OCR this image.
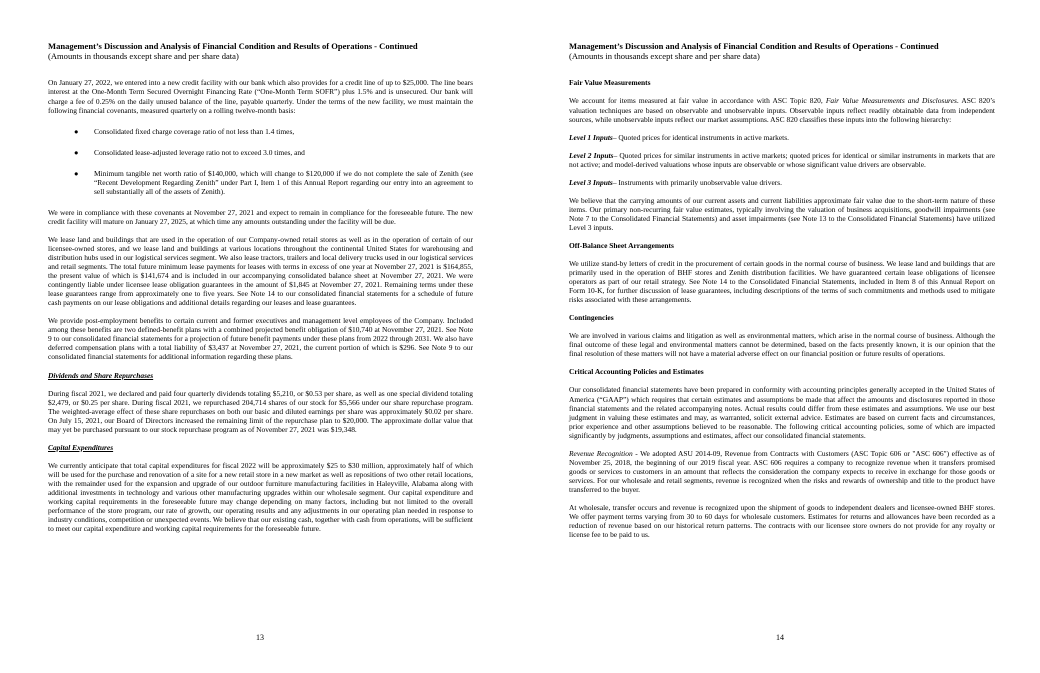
Management’s Discussion and Analysis of Financial Condition and Results of Operations - Continued

(Amounts in thousands except share and per share data)

On January 27, 2022, we entered into a new credit facility with our bank which also provides for a credit line of up to $25,000. The line bears interest at the One-Month Term Secured Overnight Financing Rate (“One-Month Term SOFR”) plus 1.5% and is unsecured. Our bank will charge a fee of 0.25% on the daily unused balance of the line, payable quarterly. Under the terms of the new facility, we must maintain the following financial covenants, measured quarterly on a rolling twelve-month basis:

● Consolidated fixed charge coverage ratio of not less than 1.4 times,
● Consolidated lease-adjusted leverage ratio not to exceed 3.0 times, and
● Minimum tangible net worth ratio of $140,000, which will change to $120,000 if we do not complete the sale of Zenith (see “Recent Development Regarding Zenith” under Part I, Item 1 of this Annual Report regarding our entry into an agreement to sell substantially all of the assets of Zenith).

We were in compliance with these covenants at November 27, 2021 and expect to remain in compliance for the foreseeable future. The new credit facility will mature on January 27, 2025, at which time any amounts outstanding under the facility will be due.

We lease land and buildings that are used in the operation of our Company-owned retail stores as well as in the operation of certain of our licensee-owned stores, and we lease land and buildings at various locations throughout the continental United States for warehousing and distribution hubs used in our logistical services segment. We also lease tractors, trailers and local delivery trucks used in our logistical services and retail segments. The total future minimum lease payments for leases with terms in excess of one year at November 27, 2021 is $164,855, the present value of which is $141,674 and is included in our accompanying consolidated balance sheet at November 27, 2021. We were contingently liable under licensee lease obligation guarantees in the amount of $1,845 at November 27, 2021. Remaining terms under these lease guarantees range from approximately one to five years. See Note 14 to our consolidated financial statements for a schedule of future cash payments on our lease obligations and additional details regarding our leases and lease guarantees.

We provide post-employment benefits to certain current and former executives and management level employees of the Company. Included among these benefits are two defined-benefit plans with a combined projected benefit obligation of $10,740 at November 27, 2021. See Note 9 to our consolidated financial statements for a projection of future benefit payments under these plans from 2022 through 2031. We also have deferred compensation plans with a total liability of $3,437 at November 27, 2021, the current portion of which is $296. See Note 9 to our consolidated financial statements for additional information regarding these plans.

Dividends and Share Repurchases

During fiscal 2021, we declared and paid four quarterly dividends totaling $5,210, or $0.53 per share, as well as one special dividend totaling $2,479, or $0.25 per share. During fiscal 2021, we repurchased 204,714 shares of our stock for $5,566 under our share repurchase program. The weighted-average effect of these share repurchases on both our basic and diluted earnings per share was approximately $0.02 per share. On July 15, 2021, our Board of Directors increased the remaining limit of the repurchase plan to $20,000. The approximate dollar value that may yet be purchased pursuant to our stock repurchase program as of November 27, 2021 was $19,348.

Capital Expenditures

We currently anticipate that total capital expenditures for fiscal 2022 will be approximately $25 to $30 million, approximately half of which will be used for the purchase and renovation of a site for a new retail store in a new market as well as repositions of two other retail locations, with the remainder used for the expansion and upgrade of our outdoor furniture manufacturing facilities in Haleyville, Alabama along with additional investments in technology and various other manufacturing upgrades within our wholesale segment. Our capital expenditure and working capital requirements in the foreseeable future may change depending on many factors, including but not limited to the overall performance of the store program, our rate of growth, our operating results and any adjustments in our operating plan needed in response to industry conditions, competition or unexpected events. We believe that our existing cash, together with cash from operations, will be sufficient to meet our capital expenditure and working capital requirements for the foreseeable future.

13

Management’s Discussion and Analysis of Financial Condition and Results of Operations - Continued

(Amounts in thousands except share and per share data)

Fair Value Measurements

We account for items measured at fair value in accordance with ASC Topic 820, Fair Value Measurements and Disclosures. ASC 820’s valuation techniques are based on observable and unobservable inputs. Observable inputs reflect readily obtainable data from independent sources, while unobservable inputs reflect our market assumptions. ASC 820 classifies these inputs into the following hierarchy:

Level 1 Inputs– Quoted prices for identical instruments in active markets.

Level 2 Inputs– Quoted prices for similar instruments in active markets; quoted prices for identical or similar instruments in markets that are not active; and model-derived valuations whose inputs are observable or whose significant value drivers are observable.

Level 3 Inputs– Instruments with primarily unobservable value drivers.

We believe that the carrying amounts of our current assets and current liabilities approximate fair value due to the short-term nature of these items. Our primary non-recurring fair value estimates, typically involving the valuation of business acquisitions, goodwill impairments (see Note 7 to the Consolidated Financial Statements) and asset impairments (see Note 13 to the Consolidated Financial Statements) have utilized Level 3 inputs.

Off-Balance Sheet Arrangements

We utilize stand-by letters of credit in the procurement of certain goods in the normal course of business. We lease land and buildings that are primarily used in the operation of BHF stores and Zenith distribution facilities. We have guaranteed certain lease obligations of licensee operators as part of our retail strategy. See Note 14 to the Consolidated Financial Statements, included in Item 8 of this Annual Report on Form 10-K, for further discussion of lease guarantees, including descriptions of the terms of such commitments and methods used to mitigate risks associated with these arrangements.

Contingencies

We are involved in various claims and litigation as well as environmental matters, which arise in the normal course of business. Although the final outcome of these legal and environmental matters cannot be determined, based on the facts presently known, it is our opinion that the final resolution of these matters will not have a material adverse effect on our financial position or future results of operations.

Critical Accounting Policies and Estimates

Our consolidated financial statements have been prepared in conformity with accounting principles generally accepted in the United States of America (“GAAP”) which requires that certain estimates and assumptions be made that affect the amounts and disclosures reported in those financial statements and the related accompanying notes. Actual results could differ from these estimates and assumptions. We use our best judgment in valuing these estimates and may, as warranted, solicit external advice. Estimates are based on current facts and circumstances, prior experience and other assumptions believed to be reasonable. The following critical accounting policies, some of which are impacted significantly by judgments, assumptions and estimates, affect our consolidated financial statements.

Revenue Recognition - We adopted ASU 2014-09, Revenue from Contracts with Customers (ASC Topic 606 or "ASC 606") effective as of November 25, 2018, the beginning of our 2019 fiscal year. ASC 606 requires a company to recognize revenue when it transfers promised goods or services to customers in an amount that reflects the consideration the company expects to receive in exchange for those goods or services. For our wholesale and retail segments, revenue is recognized when the risks and rewards of ownership and title to the product have transferred to the buyer.

At wholesale, transfer occurs and revenue is recognized upon the shipment of goods to independent dealers and licensee-owned BHF stores. We offer payment terms varying from 30 to 60 days for wholesale customers. Estimates for returns and allowances have been recorded as a reduction of revenue based on our historical return patterns. The contracts with our licensee store owners do not provide for any royalty or license fee to be paid to us.

14
